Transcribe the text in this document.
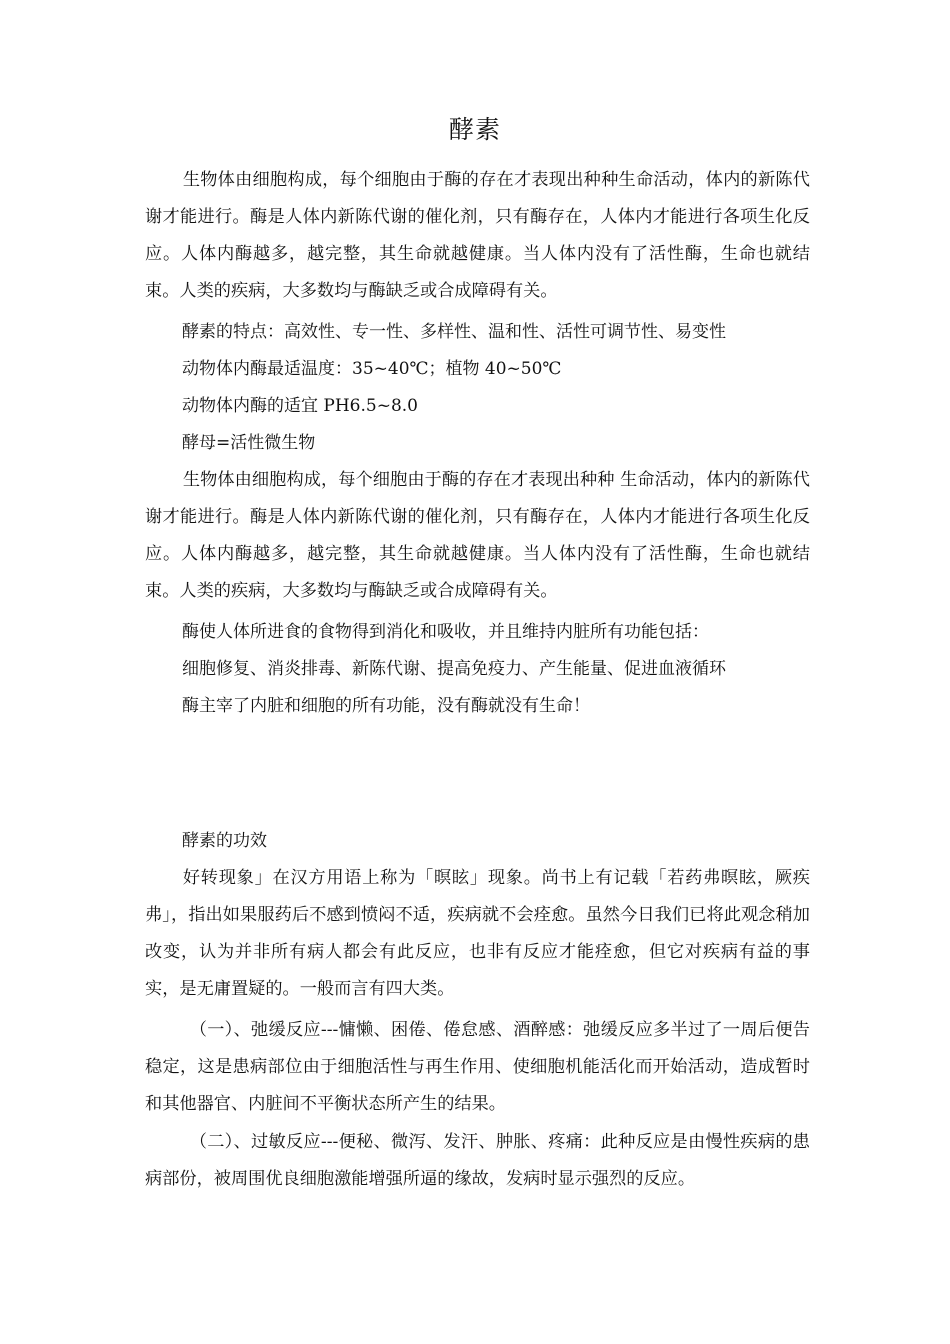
酵素

生物体由细胞构成，每个细胞由于酶的存在才表现出种种生命活动，体内的新陈代谢才能进行。酶是人体内新陈代谢的催化剂，只有酶存在，人体内才能进行各项生化反应。人体内酶越多，越完整，其生命就越健康。当人体内没有了活性酶，生命也就结束。人类的疾病，大多数均与酶缺乏或合成障碍有关。

酵素的特点：高效性、专一性、多样性、温和性、活性可调节性、易变性

动物体内酶最适温度：35~40℃；植物 40~50℃

动物体内酶的适宜 PH6.5~8.0

酵母=活性微生物

生物体由细胞构成，每个细胞由于酶的存在才表现出种种 生命活动，体内的新陈代谢才能进行。酶是人体内新陈代谢的催化剂，只有酶存在，人体内才能进行各项生化反应。人体内酶越多，越完整，其生命就越健康。当人体内没有了活性酶，生命也就结束。人类的疾病，大多数均与酶缺乏或合成障碍有关。

酶使人体所进食的食物得到消化和吸收，并且维持内脏所有功能包括：

细胞修复、消炎排毒、新陈代谢、提高免疫力、产生能量、促进血液循环

酶主宰了内脏和细胞的所有功能，没有酶就没有生命！

酵素的功效

好转现象」在汉方用语上称为「暝眩」现象。尚书上有记载「若药弗暝眩，厥疾弗」，指出如果服药后不感到愤闷不适，疾病就不会痊愈。虽然今日我们已将此观念稍加改变，认为并非所有病人都会有此反应，也非有反应才能痊愈，但它对疾病有益的事实，是无庸置疑的。一般而言有四大类。

（一）、弛缓反应---慵懒、困倦、倦怠感、酒醉感：弛缓反应多半过了一周后便告稳定，这是患病部位由于细胞活性与再生作用、使细胞机能活化而开始活动，造成暂时和其他器官、内脏间不平衡状态所产生的结果。

（二）、过敏反应---便秘、微泻、发汗、肿胀、疼痛：此种反应是由慢性疾病的患病部份，被周围优良细胞激能增强所逼的缘故，发病时显示强烈的反应。
